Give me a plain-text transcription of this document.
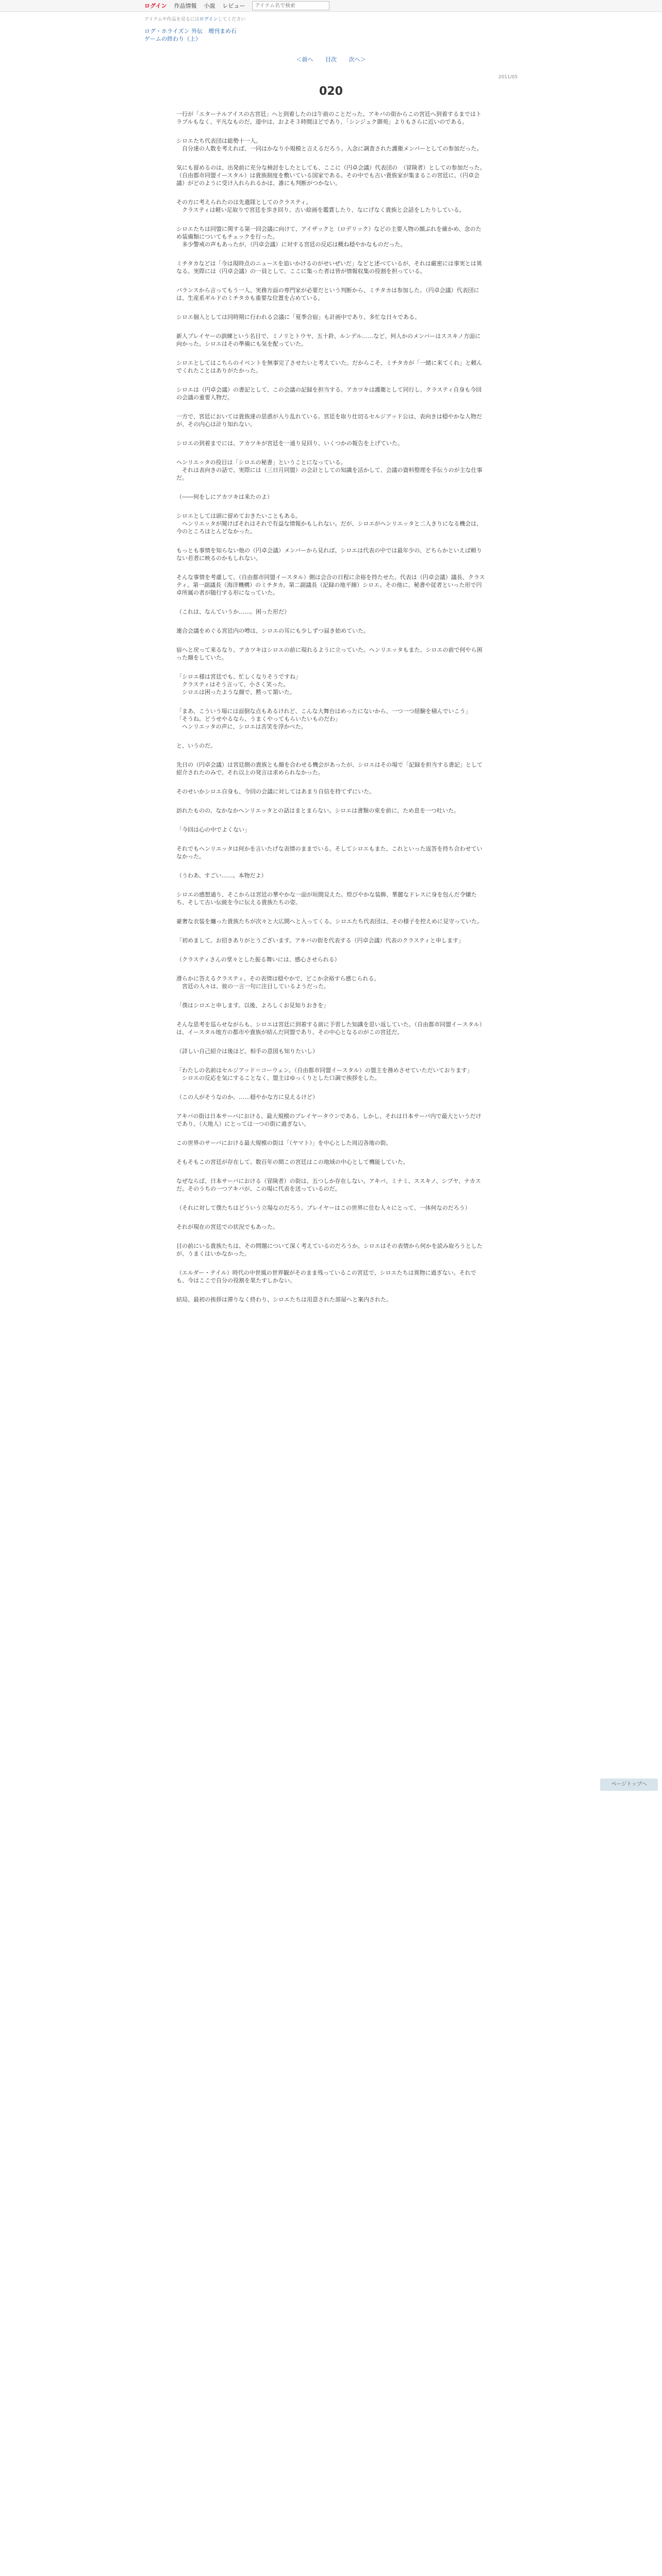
ログイン 作品情報 小説 レビュー
アイテム名で検索
アイテムや作品を見るにはログインしてください
ログ・ホライズン 外伝　増刊まめ石
ゲームの終わり（上）
＜前へ 目次 次へ＞
2011/05
020

一行が「エターナルアイスの古宮廷」へと到着したのは午前のことだった。アキバの街からこの宮廷へ到着するまではトラブルもなく、平凡なものだ。道中は、およそ３時間ほどであり、「シンジュク御苑」よりもさらに近いのである。

シロエたち代表団は総勢十一人。
　自分達の人数を考えれば、一同はかなり小規模と言えるだろう。入念に調査された護衛メンバーとしての参加だった。

気にも留めるのは、出発前に充分な検討をしたとしても、ここに（円卓会議）代表団の　（冒険者）としての参加だった。
（自由都市同盟イースタル）は貴族制度を敷いている国家である。その中でも古い貴族家が集まるこの宮廷に、（円卓会議）がどのように受け入れられるかは、誰にも判断がつかない。

その方に考えられたのは先遣隊としてのクラスティ。
　クラスティは軽い足取りで宮廷を歩き回り、古い絵画を鑑賞したり、なにげなく貴族と会話をしたりしている。

シロエたちは同盟に関する第一回会議に向けて、アイザックと（ロデリック）などの主要人物の顔ぶれを確かめ、念のため装備類についてもチェックを行った。
　多少警戒の声もあったが、（円卓会議）に対する宮廷の反応は概ね穏やかなものだった。

ミチタカなどは「今は現時点のニュースを追いかけるのがせいぜいだ」などと述べているが、それは厳密には事実とは異なる。実際には（円卓会議）の一員として、ここに集った者は皆が情報収集の役割を担っている。

バランスから言ってもう一人、実務方面の専門家が必要だという判断から、ミチタカは参加した。（円卓会議）代表団には、生産系ギルドのミチタカも重要な位置を占めている。

シロエ個人としては同時期に行われる会議に「夏季合宿」も計画中であり、多忙な日々である。

新人プレイヤーの訓練という名目で、ミノリとトウヤ、五十鈴、ルンデル……など、何人かのメンバーはススキノ方面に向かった。シロエはその準備にも気を配っていた。

シロエとしてはこちらのイベントを無事完了させたいと考えていた。だからこそ、ミチタカが「一緒に来てくれ」と頼んでくれたことはありがたかった。

シロエは（円卓会議）の書記として、この会議の記録を担当する。アカツキは護衛として同行し、クラスティ自身も今回の会議の重要人物だ。

一方で、宮廷においては貴族達の思惑が入り乱れている。宮廷を取り仕切るセルジアッド公は、表向きは穏やかな人物だが、その内心は計り知れない。

シロエの到着までには、アカツキが宮廷を一通り見回り、いくつかの報告を上げていた。

ヘンリエッタの役目は「シロエの秘書」ということになっている。
　それは表向きの話で、実際には（三日月同盟）の会計としての知識を活かして、会議の資料整理を手伝うのが主な仕事だ。

（――何をしにアカツキは来たのよ）

シロエとしては頭に留めておきたいこともある。
　ヘンリエッタが聞けばそれはそれで有益な情報かもしれない。だが、シロエがヘンリエッタと二人きりになる機会は、今のところほとんどなかった。

もっとも事情を知らない他の（円卓会議）メンバーから見れば、シロエは代表の中では最年少の、どちらかといえば頼りない若者に映るのかもしれない。

そんな事情を考慮して、（自由都市同盟イースタル）側は会合の日程に余裕を持たせた。代表は（円卓会議）議長、クラスティ。第一副議長（海洋機構）のミチタカ。第二副議長（記録の地平線）シロエ。その他に、秘書や従者といった形で円卓所属の者が随行する形になっていた。

（これは、なんていうか……。困った形だ）

連合会議をめぐる宮廷内の噂は、シロエの耳にも少しずつ届き始めていた。

宿へと戻って来るなり、アカツキはシロエの前に現れるように立っていた。ヘンリエッタもまた、シロエの前で何やら困った顔をしていた。

「シロエ様は宮廷でも、忙しくなりそうですね」
　クラスティはそう言って、小さく笑った。
　シロエは困ったような顔で、黙って頷いた。

「まあ、こういう場には面倒な点もあるけれど、こんな大舞台はめったにないから、一つ一つ経験を積んでいこう」
「そうね。どうせやるなら、うまくやってもらいたいものだわ」
　ヘンリエッタの声に、シロエは苦笑を浮かべた。

と、いうのだ。

先日の（円卓会議）は宮廷側の貴族とも顔を合わせる機会があったが、シロエはその場で「記録を担当する書記」として紹介されたのみで、それ以上の発言は求められなかった。

そのせいかシロエ自身も、今回の会議に対してはあまり自信を持てずにいた。

訪れたものの、なかなかヘンリエッタとの話はまとまらない。シロエは書類の束を前に、ため息を一つ吐いた。

「今回は心の中でよくない」

それでもヘンリエッタは何かを言いたげな表情のままでいる。そしてシロエもまた、これといった返答を持ち合わせていなかった。

（うわあ、すごい……。本物だよ）

シロエの感想通り、そこからは宮廷の華やかな一面が垣間見えた。煌びやかな装飾、華麗なドレスに身を包んだ令嬢たち、そして古い伝統を今に伝える貴族たちの姿。

豪奢な衣装を纏った貴族たちが次々と大広間へと入ってくる。シロエたち代表団は、その様子を控えめに見守っていた。

「初めまして。お招きありがとうございます。アキバの街を代表する（円卓会議）代表のクラスティと申します」

（クラスティさんの堂々とした振る舞いには、感心させられる）

滑らかに答えるクラスティ。その表情は穏やかで、どこか余裕すら感じられる。
　宮廷の人々は、彼の一言一句に注目しているようだった。

「僕はシロエと申します。以後、よろしくお見知りおきを」

そんな思考を巡らせながらも、シロエは宮廷に到着する前に予習した知識を思い返していた。（自由都市同盟イースタル）は、イースタル地方の都市や貴族が結んだ同盟であり、その中心となるのがこの宮廷だ。

（詳しい自己紹介は後ほど。相手の意図も知りたいし）

「わたしの名前はセルジアッド＝コーウェン。（自由都市同盟イースタル）の盟主を務めさせていただいております」
　シロエの反応を気にすることなく、盟主はゆっくりとした口調で挨拶をした。

（この人がそうなのか。……穏やかな方に見えるけど）

アキバの街は日本サーバにおける、最大規模のプレイヤータウンである。しかし、それは日本サーバ内で最大というだけであり、（大地人）にとっては一つの街に過ぎない。

この世界のサーバにおける最大規模の街は「（ヤマト）」を中心とした周辺各地の街。

そもそもこの宮廷が存在して、数百年の間この宮廷はこの地域の中心として機能していた。

なぜならば、日本サーバにおける（冒険者）の街は、五つしか存在しない。アキバ、ミナミ、ススキノ、シブヤ、ナカスだ。そのうちの一つアキバが、この場に代表を送っているのだ。

（それに対して僕たちはどういう立場なのだろう。プレイヤーはこの世界に住む人々にとって、一体何なのだろう）

それが現在の宮廷での状況でもあった。

目の前にいる貴族たちは、その問題について深く考えているのだろうか。シロエはその表情から何かを読み取ろうとしたが、うまくはいかなかった。

（エルダー・テイル）時代の中世風の世界観がそのまま残っているこの宮廷で、シロエたちは異物に過ぎない。それでも、今はここで自分の役割を果たすしかない。

結局、最初の挨拶は滞りなく終わり、シロエたちは用意された部屋へと案内された。

ページトップへ
